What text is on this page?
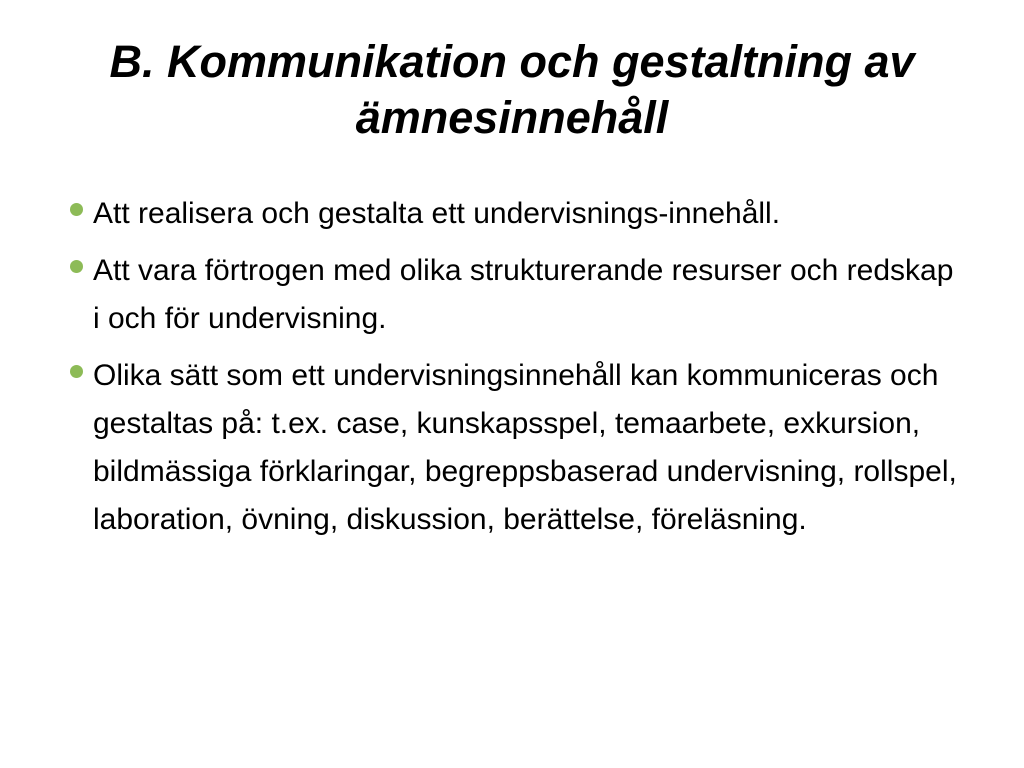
B. Kommunikation och gestaltning av ämnesinnehåll
Att realisera och gestalta ett undervisnings-innehåll.
Att vara förtrogen med olika strukturerande resurser och redskap i och för undervisning.
Olika sätt som ett undervisningsinnehåll kan kommuniceras och gestaltas på: t.ex. case, kunskapsspel, temaarbete, exkursion, bildmässiga förklaringar, begreppsbaserad undervisning, rollspel, laboration, övning, diskussion, berättelse, föreläsning.
